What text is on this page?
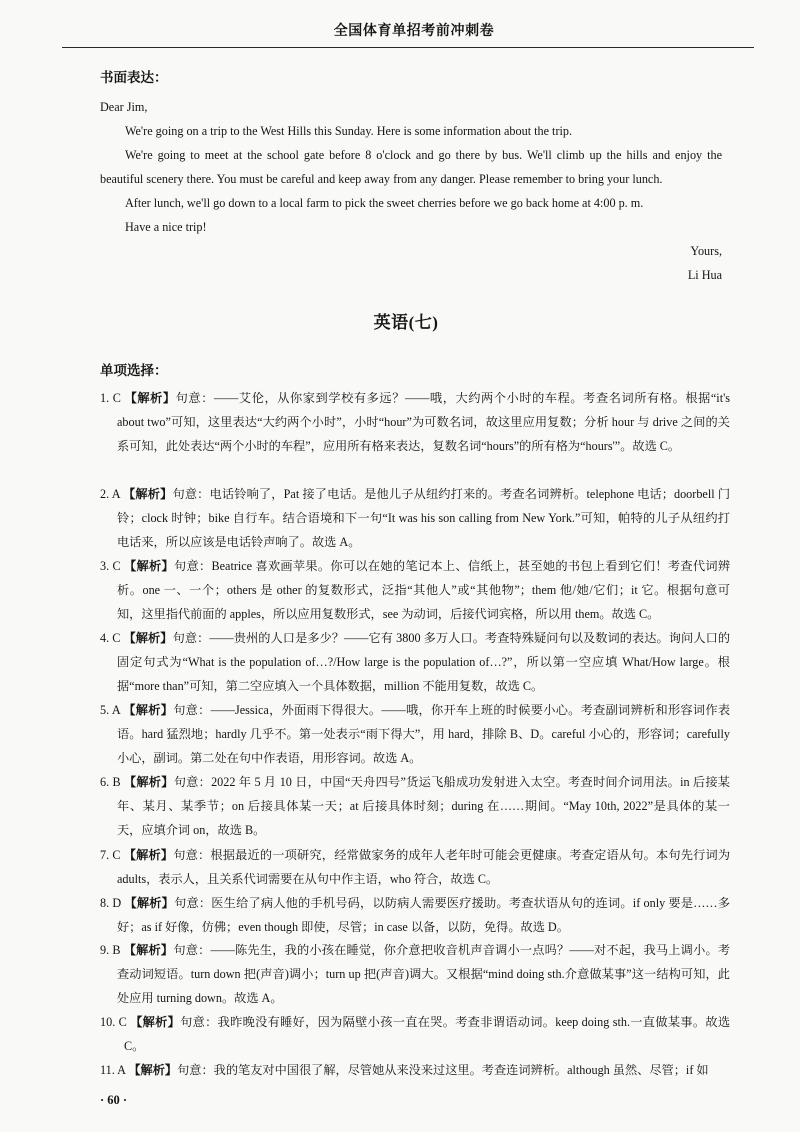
全国体育单招考前冲刺卷
书面表达：

Dear Jim,

We're going on a trip to the West Hills this Sunday. Here is some information about the trip.

We're going to meet at the school gate before 8 o'clock and go there by bus. We'll climb up the hills and enjoy the beautiful scenery there. You must be careful and keep away from any danger. Please remember to bring your lunch.

After lunch, we'll go down to a local farm to pick the sweet cherries before we go back home at 4:00 p. m.

Have a nice trip!

Yours,

Li Hua

英语(七)
单项选择：

1. C 【解析】句意：——艾伦，从你家到学校有多远？——哦，大约两个小时的车程。考查名词所有格。根据“it's about two”可知，这里表达“大约两个小时”，小时“hour”为可数名词，故这里应用复数；分析 hour 与 drive 之间的关系可知，此处表达“两个小时的车程”，应用所有格来表达，复数名词“hours”的所有格为“hours'”。故选 C。

2. A 【解析】句意：电话铃响了，Pat 接了电话。是他儿子从纽约打来的。考查名词辨析。telephone 电话；doorbell 门铃；clock 时钟；bike 自行车。结合语境和下一句“It was his son calling from New York.”可知，帕特的儿子从纽约打电话来，所以应该是电话铃声响了。故选 A。

3. C 【解析】句意：Beatrice 喜欢画苹果。你可以在她的笔记本上、信纸上，甚至她的书包上看到它们！考查代词辨析。one 一、一个；others 是 other 的复数形式，泛指“其他人”或“其他物”；them 他/她/它们；it 它。根据句意可知，这里指代前面的 apples，所以应用复数形式，see 为动词，后接代词宾格，所以用 them。故选 C。

4. C 【解析】句意：——贵州的人口是多少？——它有 3800 多万人口。考查特殊疑问句以及数词的表达。询问人口的固定句式为“What is the population of…?/How large is the population of…?”，所以第一空应填 What/How large。根据“more than”可知，第二空应填入一个具体数据，million 不能用复数，故选 C。

5. A 【解析】句意：——Jessica，外面雨下得很大。——哦，你开车上班的时候要小心。考查副词辨析和形容词作表语。hard 猛烈地；hardly 几乎不。第一处表示“雨下得大”，用 hard，排除 B、D。careful 小心的，形容词；carefully 小心，副词。第二处在句中作表语，用形容词。故选 A。

6. B 【解析】句意：2022 年 5 月 10 日，中国“天舟四号”货运飞船成功发射进入太空。考查时间介词用法。in 后接某年、某月、某季节；on 后接具体某一天；at 后接具体时刻；during 在……期间。“May 10th, 2022”是具体的某一天，应填介词 on，故选 B。

7. C 【解析】句意：根据最近的一项研究，经常做家务的成年人老年时可能会更健康。考查定语从句。本句先行词为 adults，表示人，且关系代词需要在从句中作主语，who 符合，故选 C。

8. D 【解析】句意：医生给了病人他的手机号码，以防病人需要医疗援助。考查状语从句的连词。if only 要是……多好；as if 好像，仿佛；even though 即使，尽管；in case 以备，以防，免得。故选 D。

9. B 【解析】句意：——陈先生，我的小孩在睡觉，你介意把收音机声音调小一点吗？——对不起，我马上调小。考查动词短语。turn down 把(声音)调小；turn up 把(声音)调大。又根据“mind doing sth.介意做某事”这一结构可知，此处应用 turning down。故选 A。

10. C 【解析】句意：我昨晚没有睡好，因为隔壁小孩一直在哭。考查非谓语动词。keep doing sth.一直做某事。故选 C。

11. A 【解析】句意：我的笔友对中国很了解，尽管她从来没来过这里。考查连词辨析。although 虽然、尽管；if 如

· 60 ·
